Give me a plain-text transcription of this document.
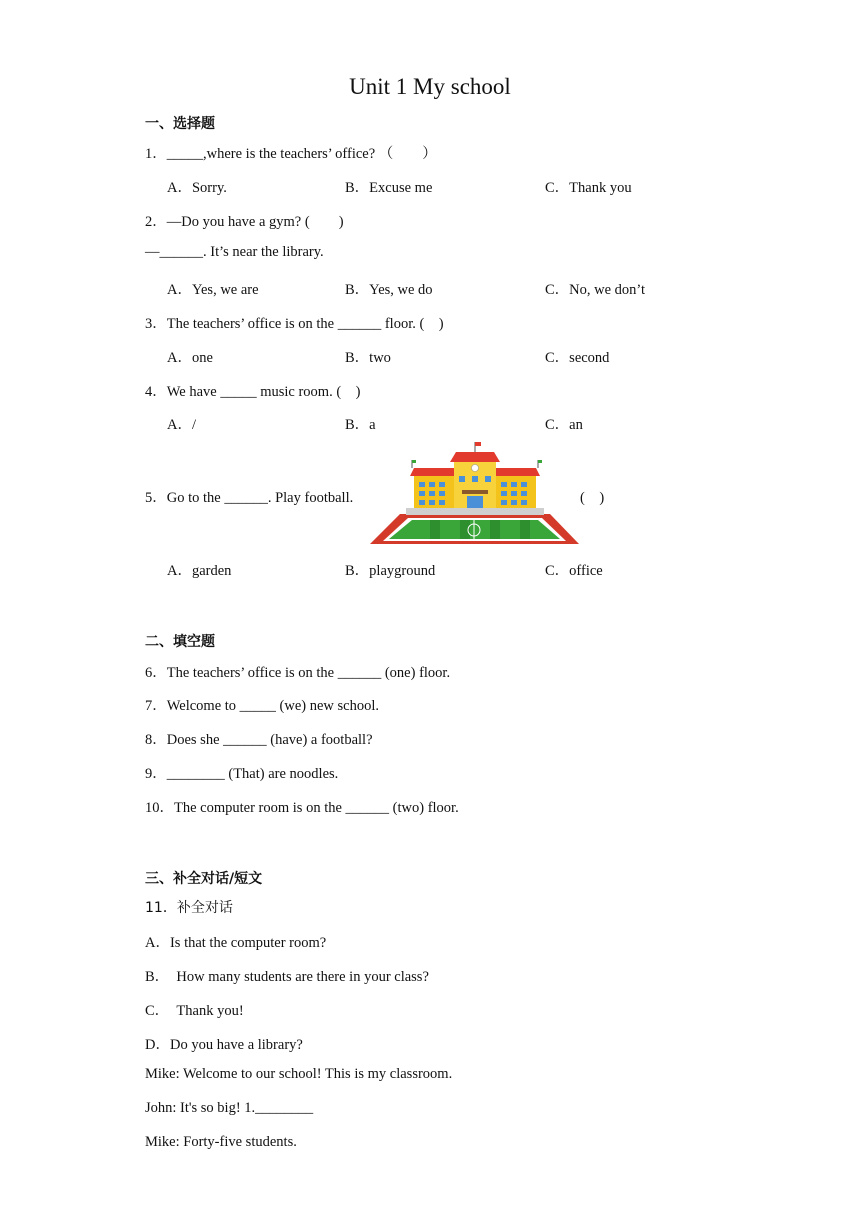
Unit 1 My school
一、选择题
1．_____,where is the teachers’ office? （　　）
A．Sorry.	B．Excuse me	C．Thank you
2．—Do you have a gym? (　　)
—______. It’s near the library.
A．Yes, we are	B．Yes, we do	C．No, we don’t
3．The teachers’ office is on the ______ floor. (　)
A．one	B．two	C．second
4．We have _____ music room. (　)
A．/	B．a	C．an
5．Go to the ______. Play football.	(　)
A．garden	B．playground	C．office
二、填空题
6．The teachers’ office is on the ______ (one) floor.
7．Welcome to _____ (we) new school.
8．Does she ______ (have) a football?
9．________ (That) are noodles.
10．The computer room is on the ______ (two) floor.
三、补全对话/短文
11．补全对话
A．Is that the computer room?
B．　How many students are there in your class?
C．　Thank you!
D．Do you have a library?
Mike: Welcome to our school! This is my classroom.
John: It's so big! 1.________
Mike: Forty-five students.
